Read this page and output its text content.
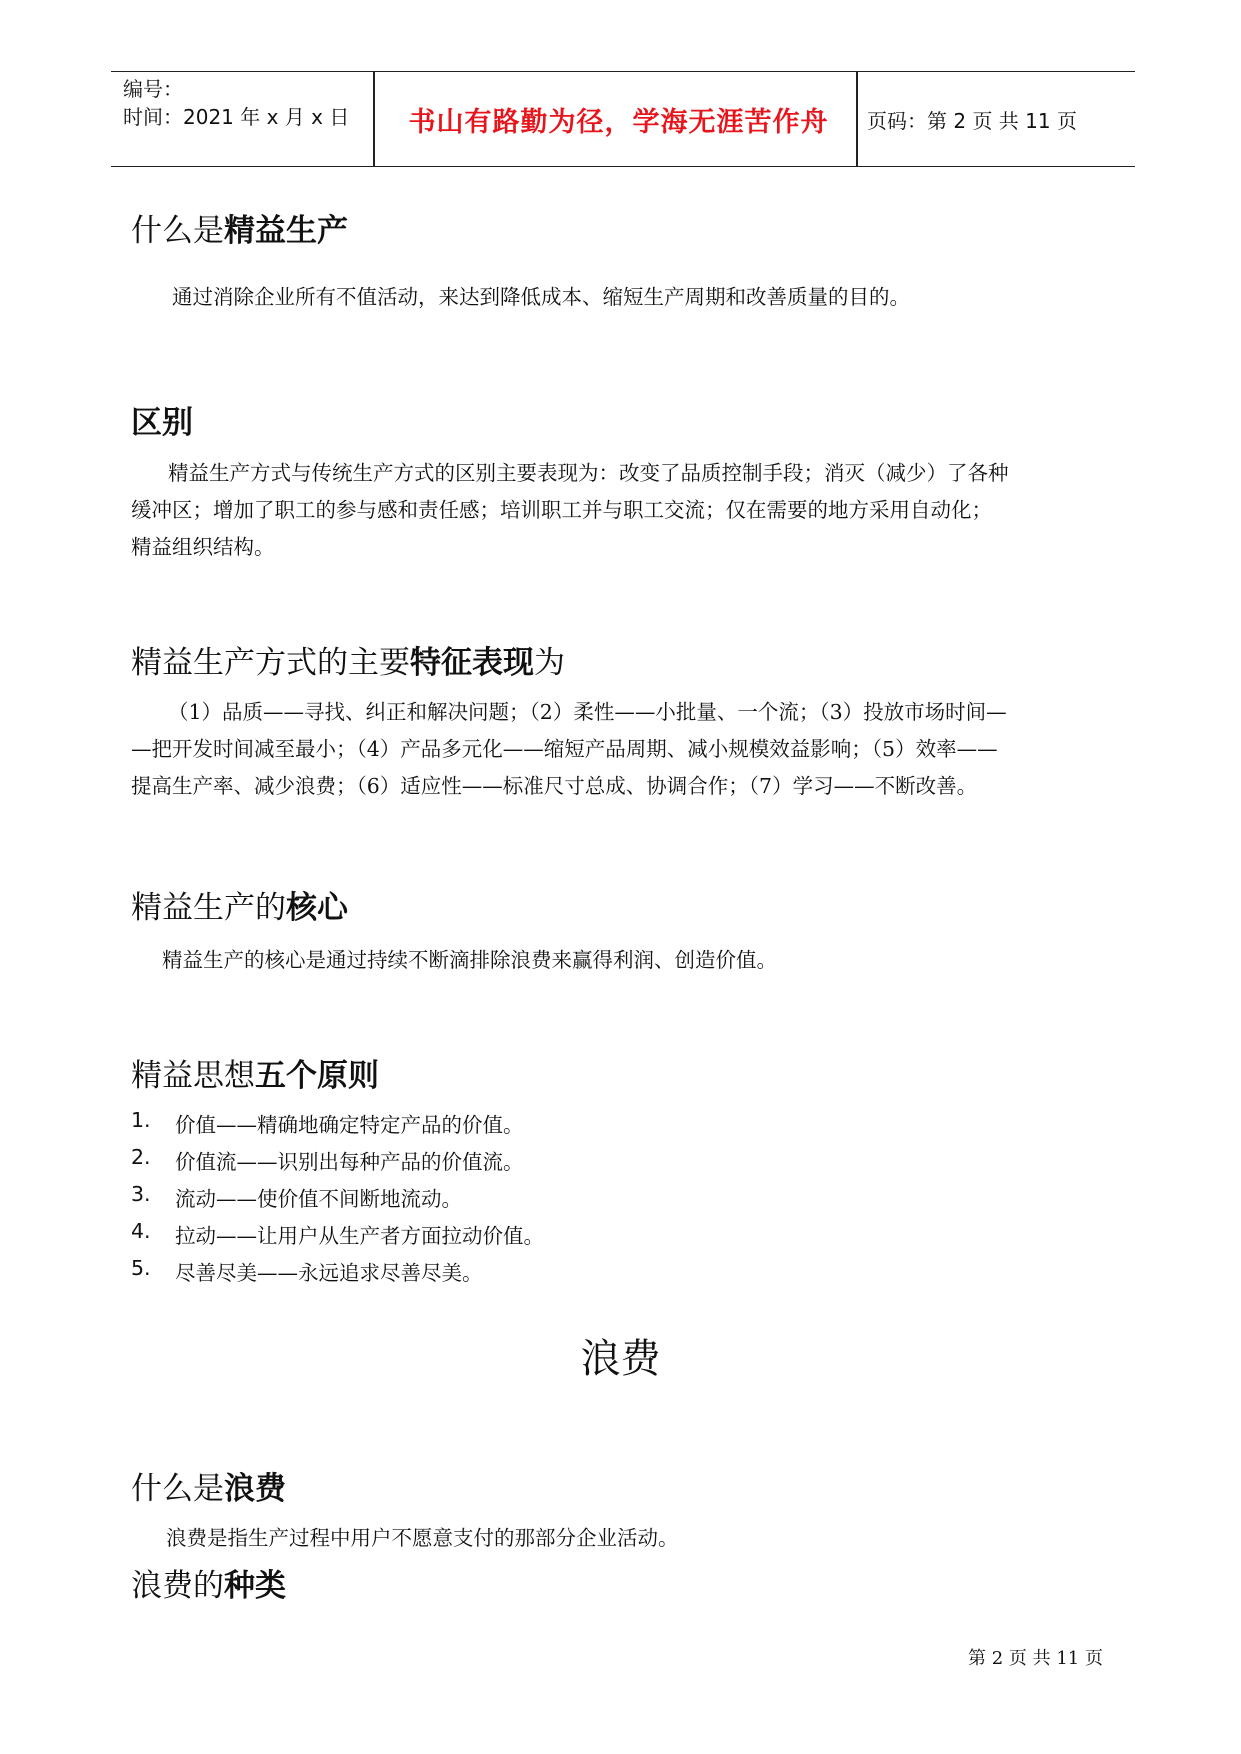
编号：
时间：2021 年 x 月 x 日	书山有路勤为径，学海无涯苦作舟	页码：第 2 页 共 11 页
什么是精益生产
通过消除企业所有不值活动，来达到降低成本、缩短生产周期和改善质量的目的。
区别

精益生产方式与传统生产方式的区别主要表现为：改变了品质控制手段；消灭（减少）了各种

缓冲区；增加了职工的参与感和责任感；培训职工并与职工交流；仅在需要的地方采用自动化；

精益组织结构。

精益生产方式的主要特征表现为

（1）品质——寻找、纠正和解决问题；（2）柔性——小批量、一个流；（3）投放市场时间—

—把开发时间减至最小；（4）产品多元化——缩短产品周期、减小规模效益影响；（5）效率——

提高生产率、减少浪费；（6）适应性——标准尺寸总成、协调合作；（7）学习——不断改善。

精益生产的核心
精益生产的核心是通过持续不断滴排除浪费来赢得利润、创造价值。
精益思想五个原则
1. 价值——精确地确定特定产品的价值。
2. 价值流——识别出每种产品的价值流。
3. 流动——使价值不间断地流动。
4. 拉动——让用户从生产者方面拉动价值。
5. 尽善尽美——永远追求尽善尽美。
浪费
什么是浪费
浪费是指生产过程中用户不愿意支付的那部分企业活动。
浪费的种类
第 2 页 共 11 页
